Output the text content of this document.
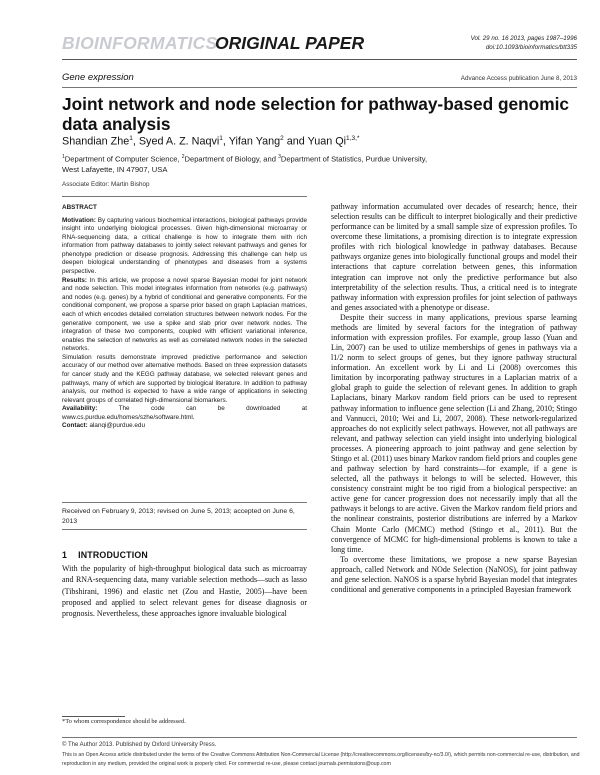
BIOINFORMATICS
ORIGINAL PAPER	Vol. 29 no. 16 2013, pages 1987–1996
doi:10.1093/bioinformatics/btt335
Gene expression	Advance Access publication June 8, 2013
Joint network and node selection for pathway-based genomic data analysis
Shandian Zhe$^1$, Syed A. Z. Naqvi$^1$, Yifan Yang$^2$ and Yuan $Qi^{1,3,*}$
$^1$Department of Computer Science, $^2$Department of Biology, and $^3$Department of Statistics, Purdue University,
West Lafayette, IN 47907, USA
Associate Editor: Martin Bishop

ABSTRACT

Motivation: By capturing various biochemical interactions, biological pathways provide insight into underlying biological processes. Given high-dimensional microarray or RNA-sequencing data, a critical challenge is how to integrate them with rich information from pathway databases to jointly select relevant pathways and genes for phenotype prediction or disease prognosis. Addressing this challenge can help us deepen biological understanding of phenotypes and diseases from a systems perspective.

Results: In this article, we propose a novel sparse Bayesian model for joint network and node selection. This model integrates information from networks (e.g. pathways) and nodes (e.g. genes) by a hybrid of conditional and generative components. For the conditional component, we propose a sparse prior based on graph Laplacian matrices, each of which encodes detailed correlation structures between network nodes. For the generative component, we use a spike and slab prior over network nodes. The integration of these two components, coupled with efficient variational inference, enables the selection of networks as well as correlated network nodes in the selected networks.

Simulation results demonstrate improved predictive performance and selection accuracy of our method over alternative methods. Based on three expression datasets for cancer study and the KEGG pathway database, we selected relevant genes and pathways, many of which are supported by biological literature. In addition to pathway analysis, our method is expected to have a wide range of applications in selecting relevant groups of correlated high-dimensional biomarkers.

Availability:	The code can be downloaded at www.cs.purdue.edu/homes/szhe/software.html.

Contact: alanqi@purdue.edu

Received on February 9, 2013; revised on June 5, 2013; accepted on June 6, 2013
1 INTRODUCTION
With the popularity of high-throughput biological data such as microarray and RNA-sequencing data, many variable selection methods—such as lasso (Tibshirani, 1996) and elastic net (Zou and Hastie, 2005)—have been proposed and applied to select relevant genes for disease diagnosis or prognosis. Nevertheless, these approaches ignore invaluable biological
*To whom correspondence should be addressed.

pathway information accumulated over decades of research; hence, their selection results can be difficult to interpret biologically and their predictive performance can be limited by a small sample size of expression profiles. To overcome these limitations, a promising direction is to integrate expression profiles with rich biological knowledge in pathway databases. Because pathways organize genes into biologically functional groups and model their interactions that capture correlation between genes, this information integration can improve not only the predictive performance but also interpretability of the selection results. Thus, a critical need is to integrate pathway information with expression profiles for joint selection of pathways and genes associated with a phenotype or disease.

Despite their success in many applications, previous sparse learning methods are limited by several factors for the integration of pathway information with expression profiles. For example, group lasso (Yuan and Lin, 2007) can be used to utilize memberships of genes in pathways via a l1/2 norm to select groups of genes, but they ignore pathway structural information. An excellent work by Li and Li (2008) overcomes this limitation by incorporating pathway structures in a Laplacian matrix of a global graph to guide the selection of relevant genes. In addition to graph Laplacians, binary Markov random field priors can be used to represent pathway information to influence gene selection (Li and Zhang, 2010; Stingo and Vannucci, 2010; Wei and Li, 2007, 2008). These network-regularized approaches do not explicitly select pathways. However, not all pathways are relevant, and pathway selection can yield insight into underlying biological processes. A pioneering approach to joint pathway and gene selection by Stingo et al. (2011) uses binary Markov random field priors and couples gene and pathway selection by hard constraints—for example, if a gene is selected, all the pathways it belongs to will be selected. However, this consistency constraint might be too rigid from a biological perspective: an active gene for cancer progression does not necessarily imply that all the pathways it belongs to are active. Given the Markov random field priors and the nonlinear constraints, posterior distributions are inferred by a Markov Chain Monte Carlo (MCMC) method (Stingo et al., 2011). But the convergence of MCMC for high-dimensional problems is known to take a long time.

To overcome these limitations, we propose a new sparse Bayesian approach, called Network and NOde Selection (NaNOS), for joint pathway and gene selection. NaNOS is a sparse hybrid Bayesian model that integrates conditional and generative components in a principled Bayesian framework

© The Author 2013. Published by Oxford University Press.
This is an Open Access article distributed under the terms of the Creative Commons Attribution Non-Commercial License (http://creativecommons.org/licenses/by-nc/3.0/), which permits non-commercial re-use, distribution, and reproduction in any medium, provided the original work is properly cited. For commercial re-use, please contact journals.permissions@oup.com
